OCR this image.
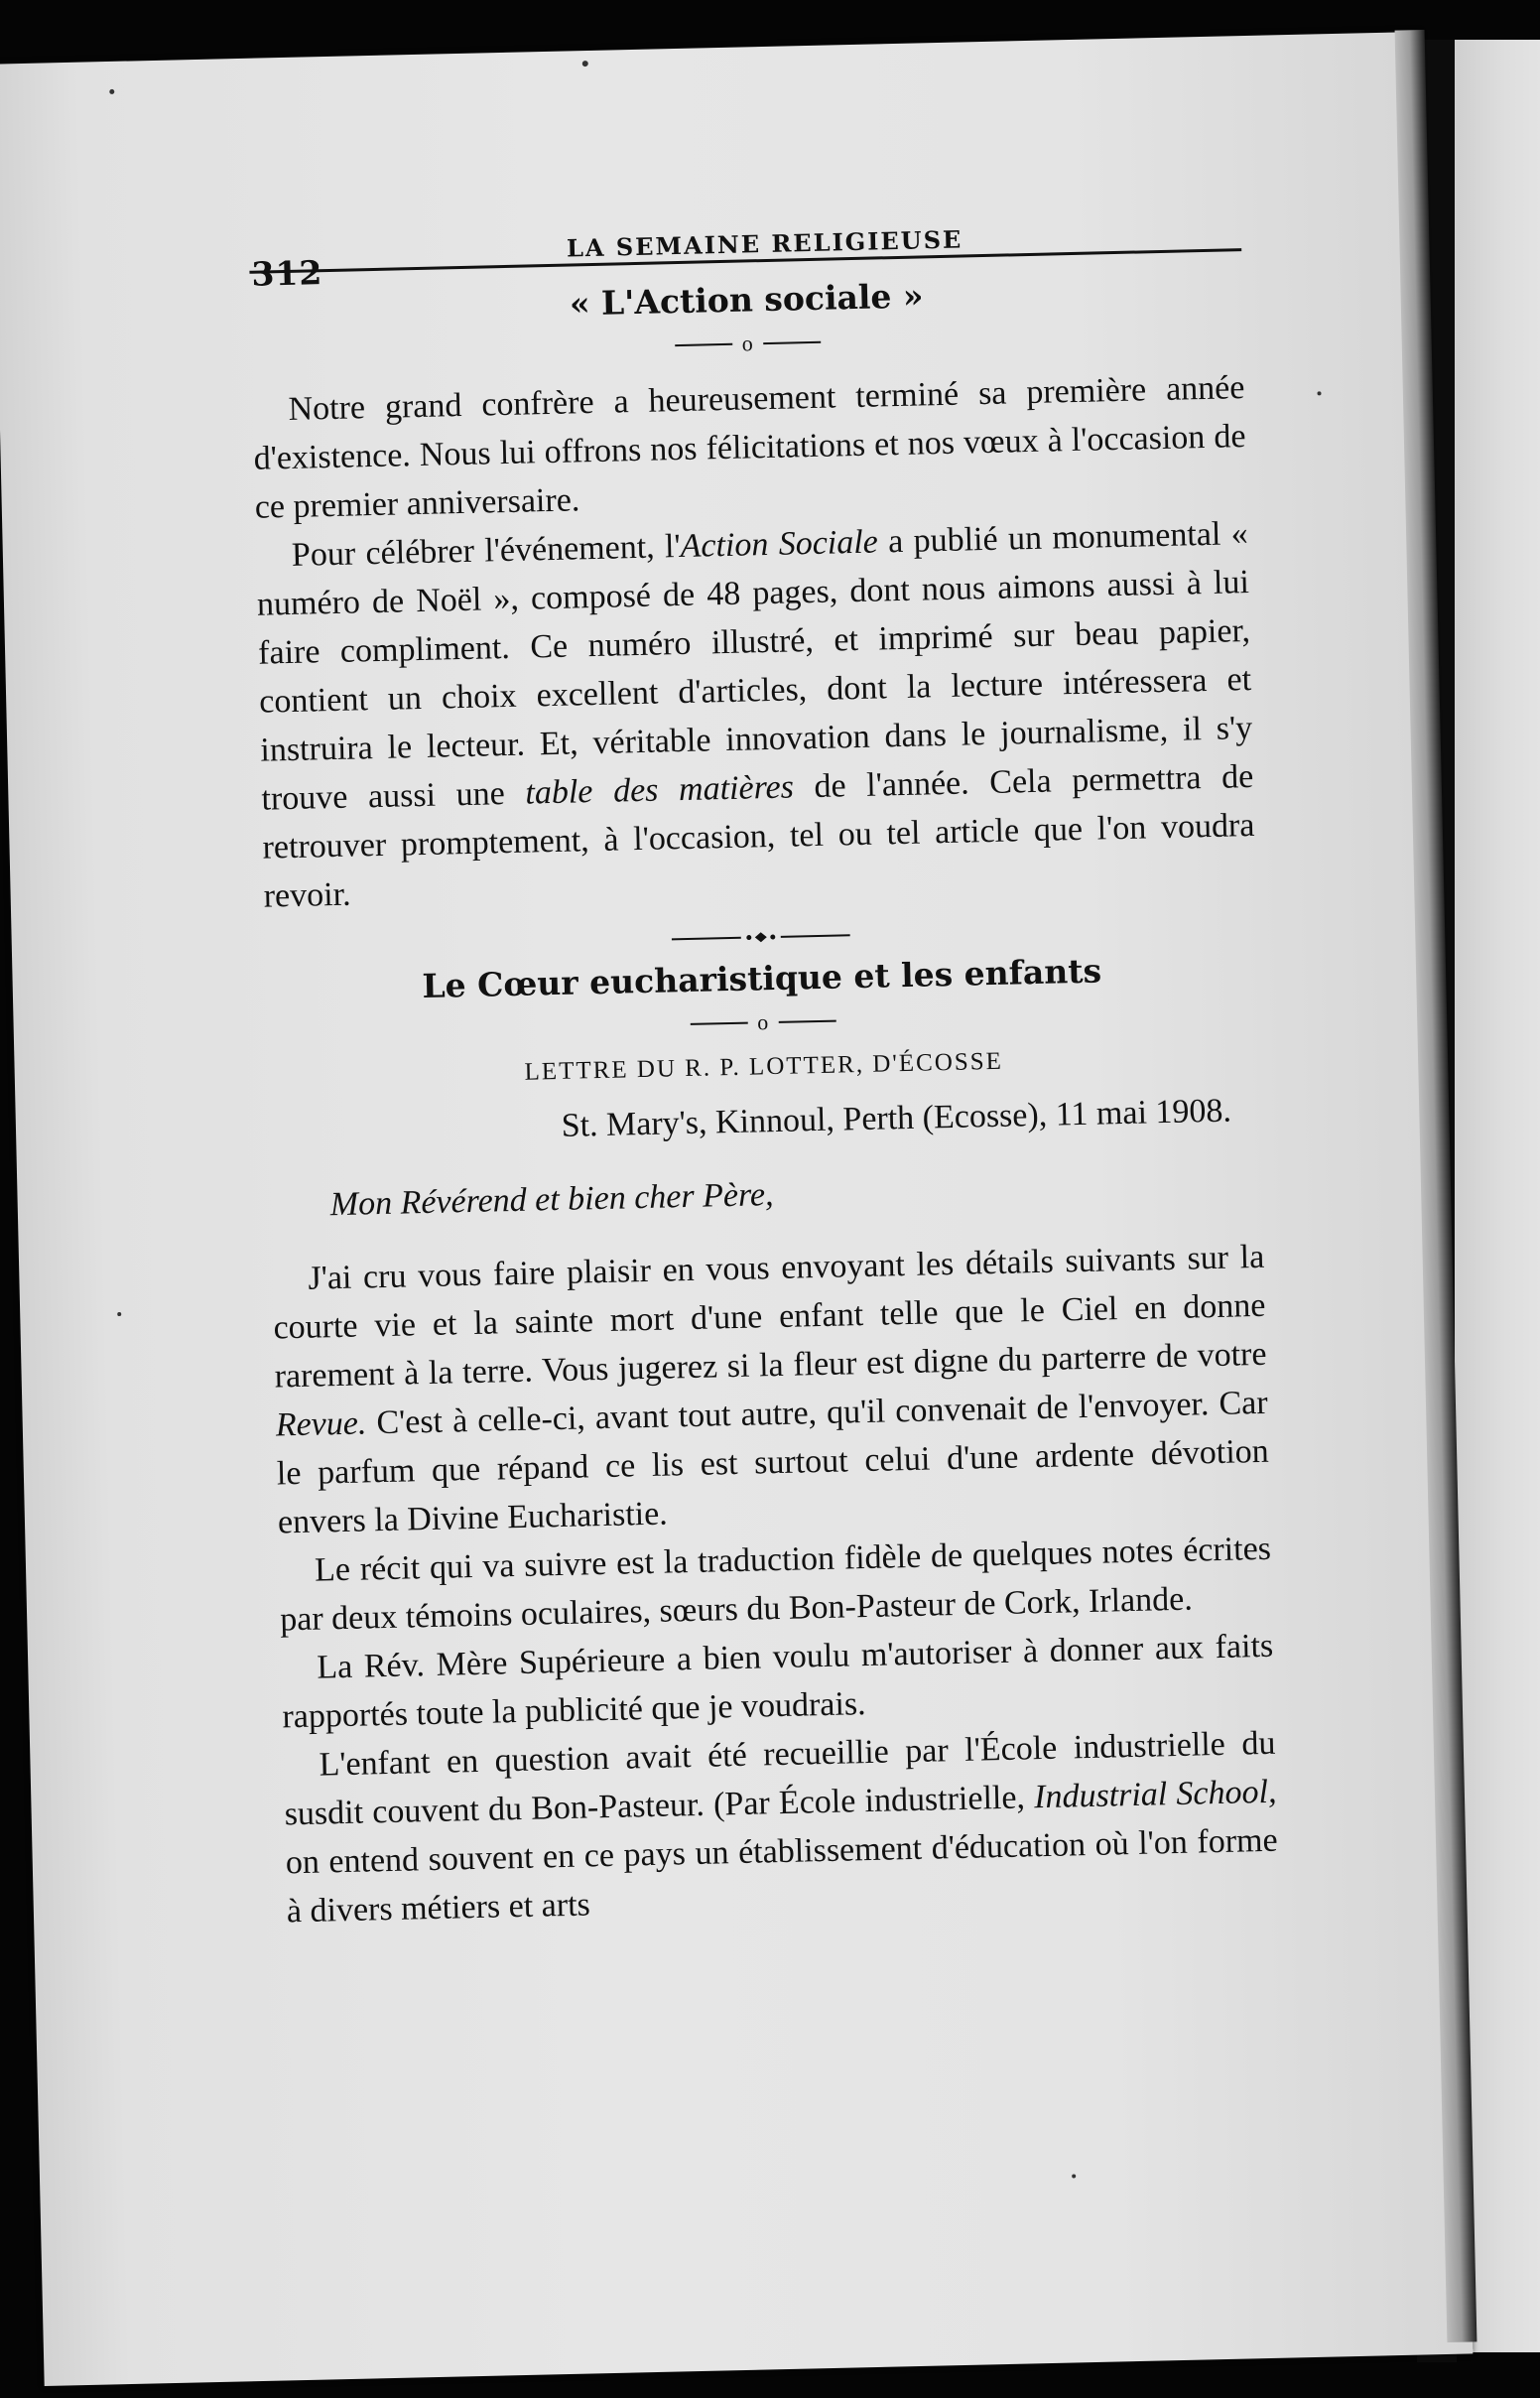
312
LA SEMAINE RELIGIEUSE
« L'Action sociale »
o

Notre grand confrère a heureusement terminé sa première année d'existence. Nous lui offrons nos félicitations et nos vœux à l'occasion de ce premier anniversaire.

Pour célébrer l'événement, l'Action Sociale a publié un monumental « numéro de Noël », composé de 48 pages, dont nous aimons aussi à lui faire compliment. Ce numéro illustré, et imprimé sur beau papier, contient un choix excellent d'articles, dont la lecture intéressera et instruira le lecteur. Et, véritable innovation dans le journalisme, il s'y trouve aussi une table des matières de l'année. Cela permettra de retrouver promptement, à l'occasion, tel ou tel article que l'on voudra revoir.

Le Cœur eucharistique et les enfants
o
LETTRE DU R. P. LOTTER, D'ÉCOSSE
St. Mary's, Kinnoul, Perth (Ecosse), 11 mai 1908.
Mon Révérend et bien cher Père,

J'ai cru vous faire plaisir en vous envoyant les détails suivants sur la courte vie et la sainte mort d'une enfant telle que le Ciel en donne rarement à la terre. Vous jugerez si la fleur est digne du parterre de votre Revue. C'est à celle-ci, avant tout autre, qu'il convenait de l'envoyer. Car le parfum que répand ce lis est surtout celui d'une ardente dévotion envers la Divine Eucharistie.

Le récit qui va suivre est la traduction fidèle de quelques notes écrites par deux témoins oculaires, sœurs du Bon-Pasteur de Cork, Irlande.

La Rév. Mère Supérieure a bien voulu m'autoriser à donner aux faits rapportés toute la publicité que je voudrais.

L'enfant en question avait été recueillie par l'École industrielle du susdit couvent du Bon-Pasteur. (Par École industrielle, Industrial School, on entend souvent en ce pays un établissement d'éducation où l'on forme à divers métiers et arts
